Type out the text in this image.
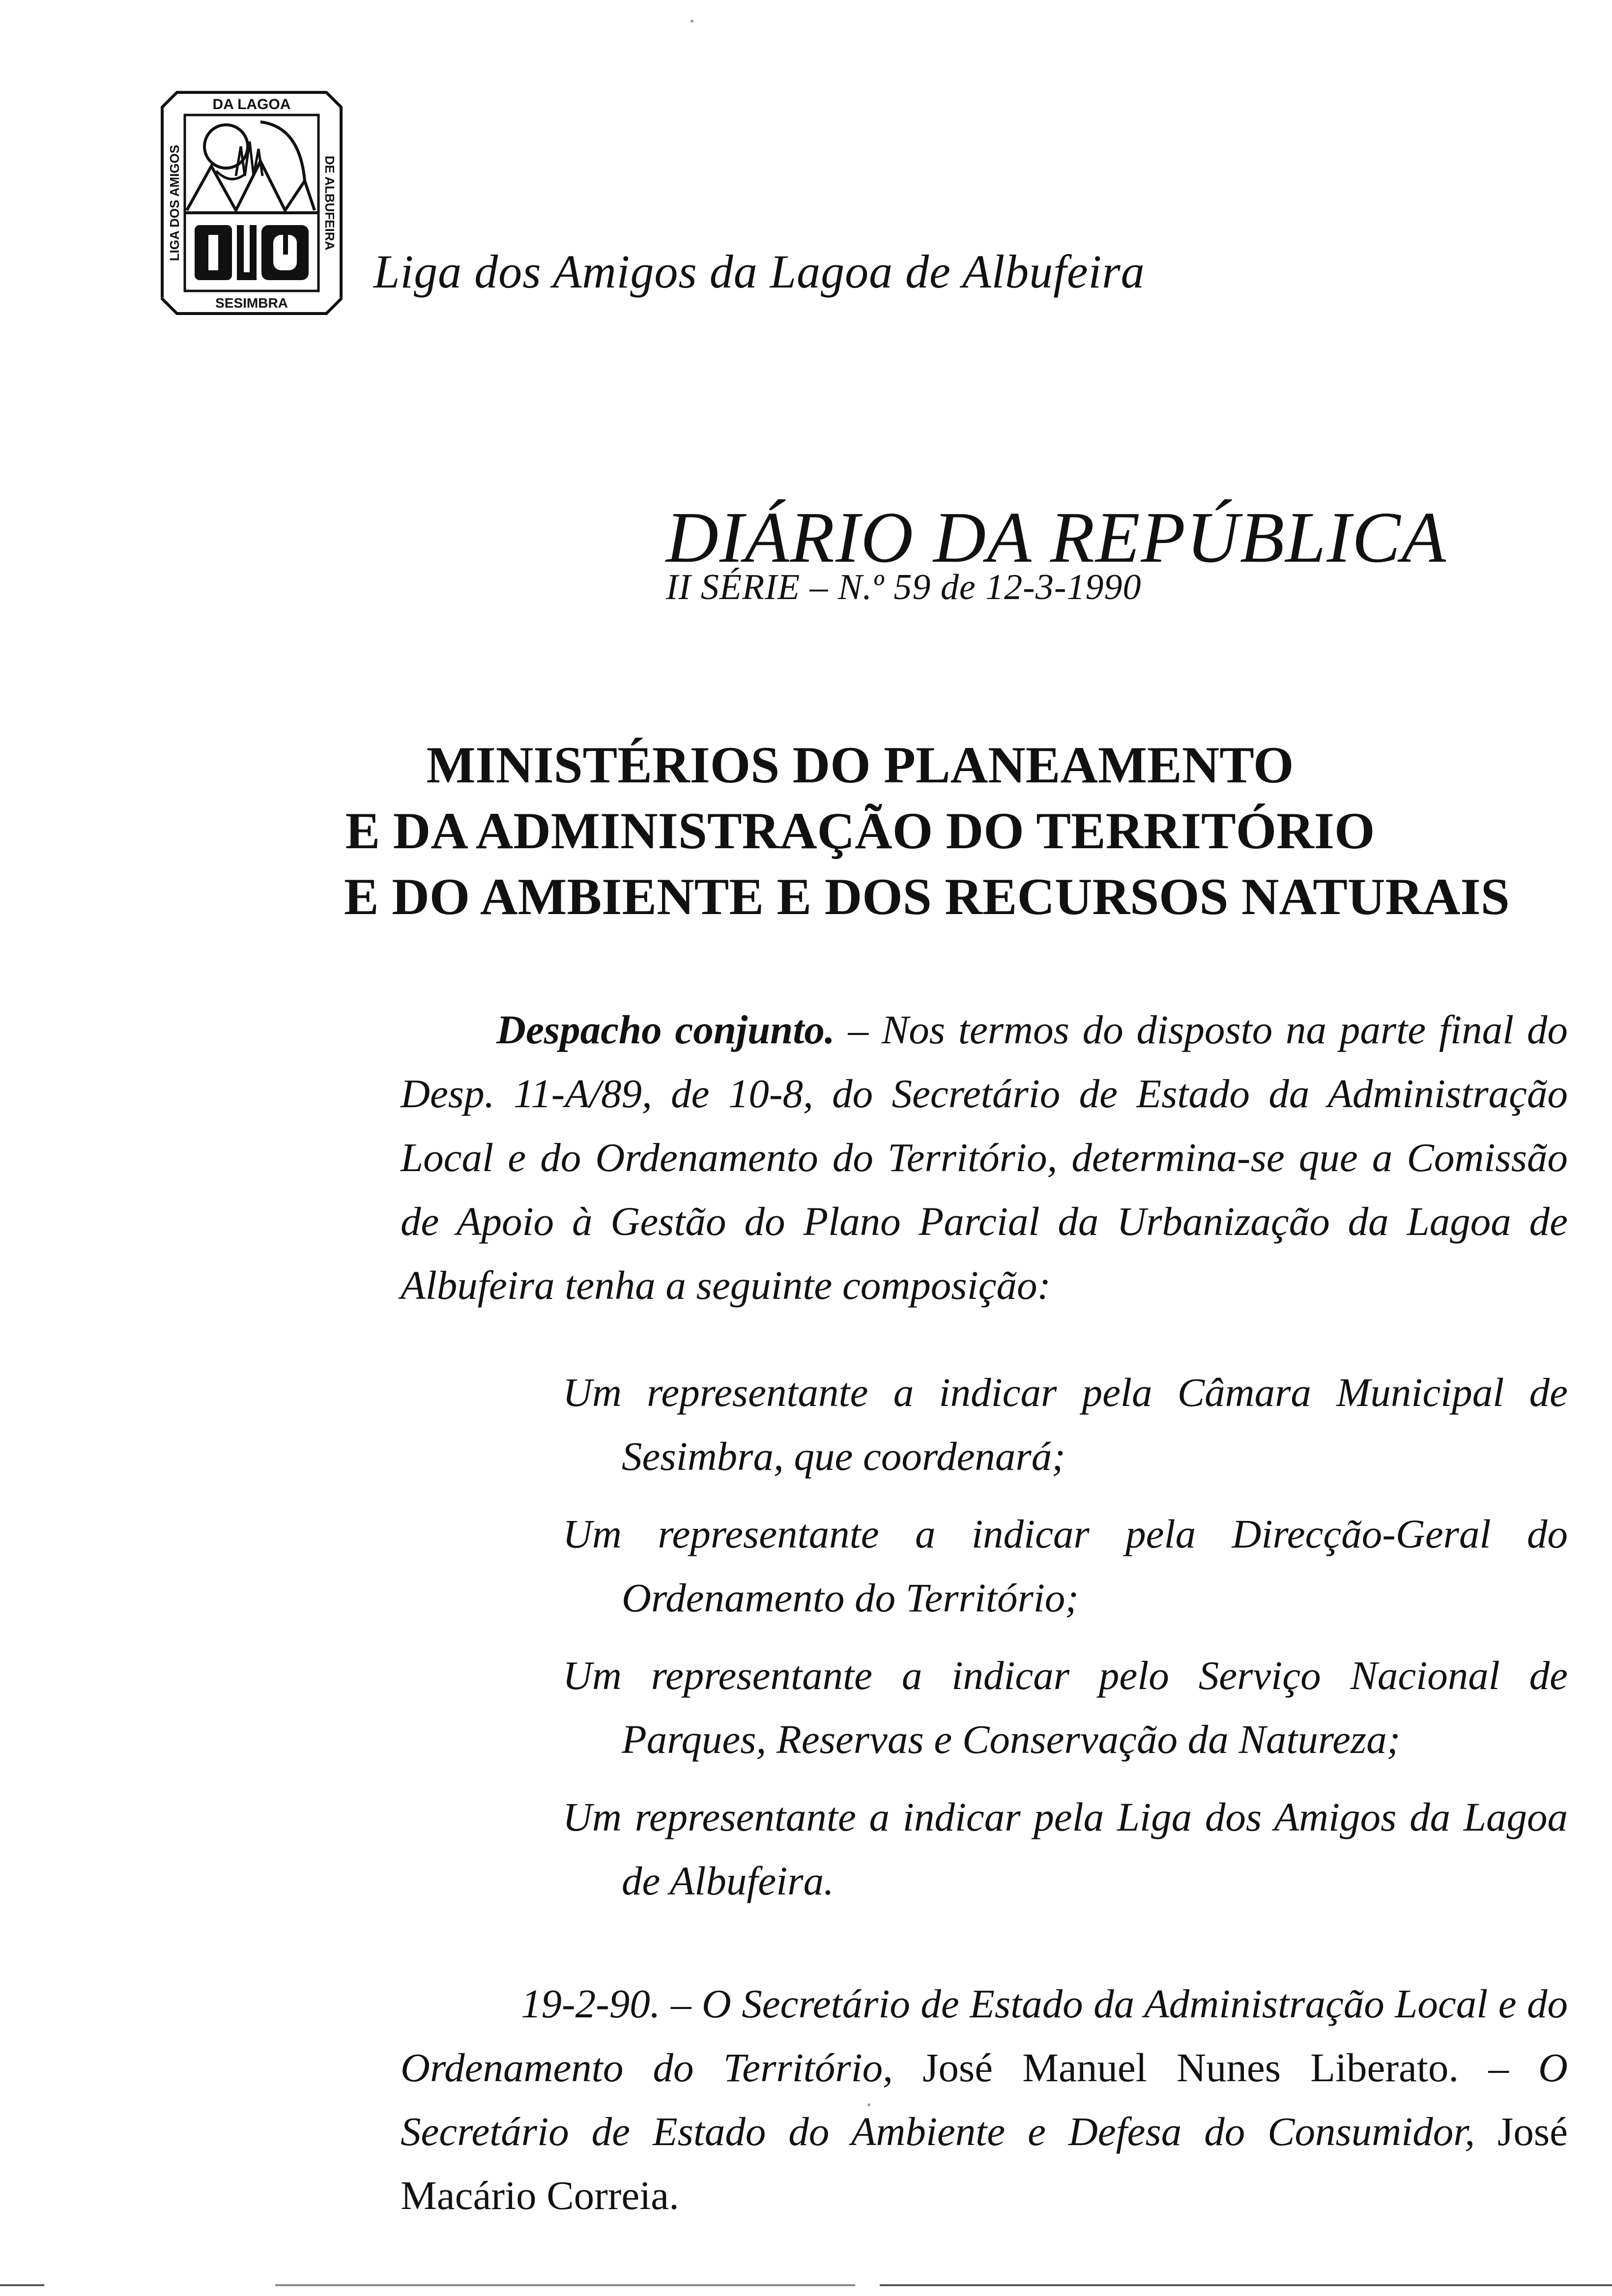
DA LAGOA
SESIMBRA
LIGA DOS AMIGOS	DE ALBUFEIRA
Liga dos Amigos da Lagoa de Albufeira
DIÁRIO DA REPÚBLICA
II SÉRIE – N.º 59 de 12-3-1990
MINISTÉRIOS DO PLANEAMENTO
E DA ADMINISTRAÇÃO DO TERRITÓRIO
E DO AMBIENTE E DOS RECURSOS NATURAIS

Despacho conjunto. – Nos termos do disposto na parte final do Desp. 11-A/89, de 10-8, do Secretário de Estado da Administração Local e do Ordenamento do Território, determina-se que a Comissão de Apoio à Gestão do Plano Parcial da Urbanização da Lagoa de Albufeira tenha a seguinte composição:

Um representante a indicar pela Câmara Municipal de Sesimbra, que coordenará;
Um representante a indicar pela Direcção-Geral do Ordenamento do Território;
Um representante a indicar pelo Serviço Nacional de Parques, Reservas e Conservação da Natureza;
Um representante a indicar pela Liga dos Amigos da Lagoa de Albufeira.

19-2-90. – O Secretário de Estado da Administração Local e do Ordenamento do Território, José Manuel Nunes Liberato. – O Secretário de Estado do Ambiente e Defesa do Consumidor, José Macário Correia.
